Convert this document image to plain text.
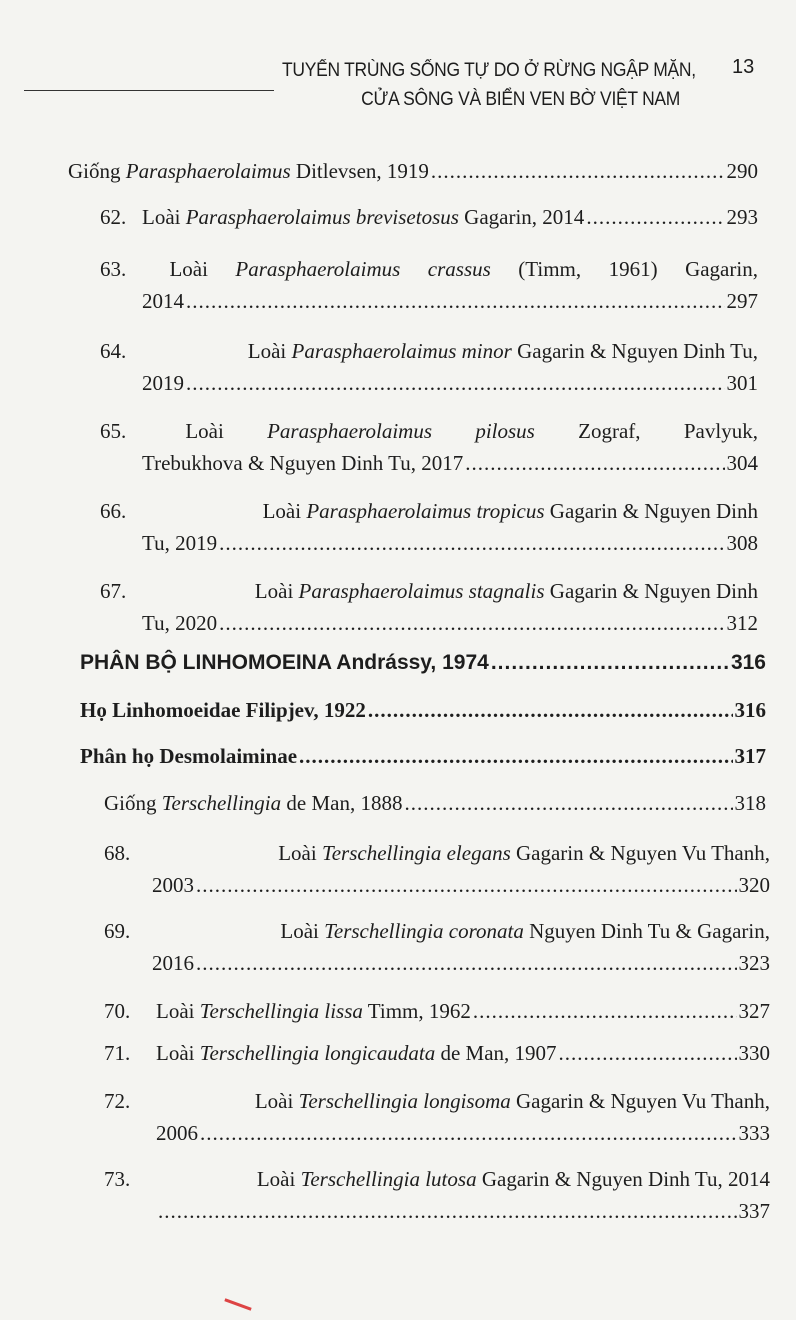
TUYẾN TRÙNG SỐNG TỰ DO Ở RỪNG NGẬP MẶN,
CỬA SÔNG VÀ BIỂN VEN BỜ VIỆT NAM
13
Giống Parasphaerolaimus Ditlevsen, 1919 .....	290
62. Loài Parasphaerolaimus brevisetosus Gagarin, 2014 .....	293
63.	Loài Parasphaerolaimus crassus (Timm, 1961) Gagarin,
2014 .....	297
64.	Loài Parasphaerolaimus minor Gagarin & Nguyen Dinh Tu,
2019 .....	301
65.	Loài Parasphaerolaimus pilosus Zograf, Pavlyuk,
Trebukhova & Nguyen Dinh Tu, 2017 .....	304
66.	Loài Parasphaerolaimus tropicus Gagarin & Nguyen Dinh
Tu, 2019 .....	308
67.	Loài Parasphaerolaimus stagnalis Gagarin & Nguyen Dinh
Tu, 2020 .....	312
PHÂN BỘ LINHOMOEINA Andrássy, 1974 .....	316
Họ Linhomoeidae Filipjev, 1922 .....	316
Phân họ Desmolaiminae .....	317
Giống Terschellingia de Man, 1888 .....	318
68.	Loài Terschellingia elegans Gagarin & Nguyen Vu Thanh,
2003 .....	320
69.	Loài Terschellingia coronata Nguyen Dinh Tu & Gagarin,
2016 .....	323
70.	Loài Terschellingia lissa Timm, 1962 .....	327
71.	Loài Terschellingia longicaudata de Man, 1907 .....	330
72.	Loài Terschellingia longisoma Gagarin & Nguyen Vu Thanh,
2006 .....	333
73.	Loài Terschellingia lutosa Gagarin & Nguyen Dinh Tu, 2014
.....
337
